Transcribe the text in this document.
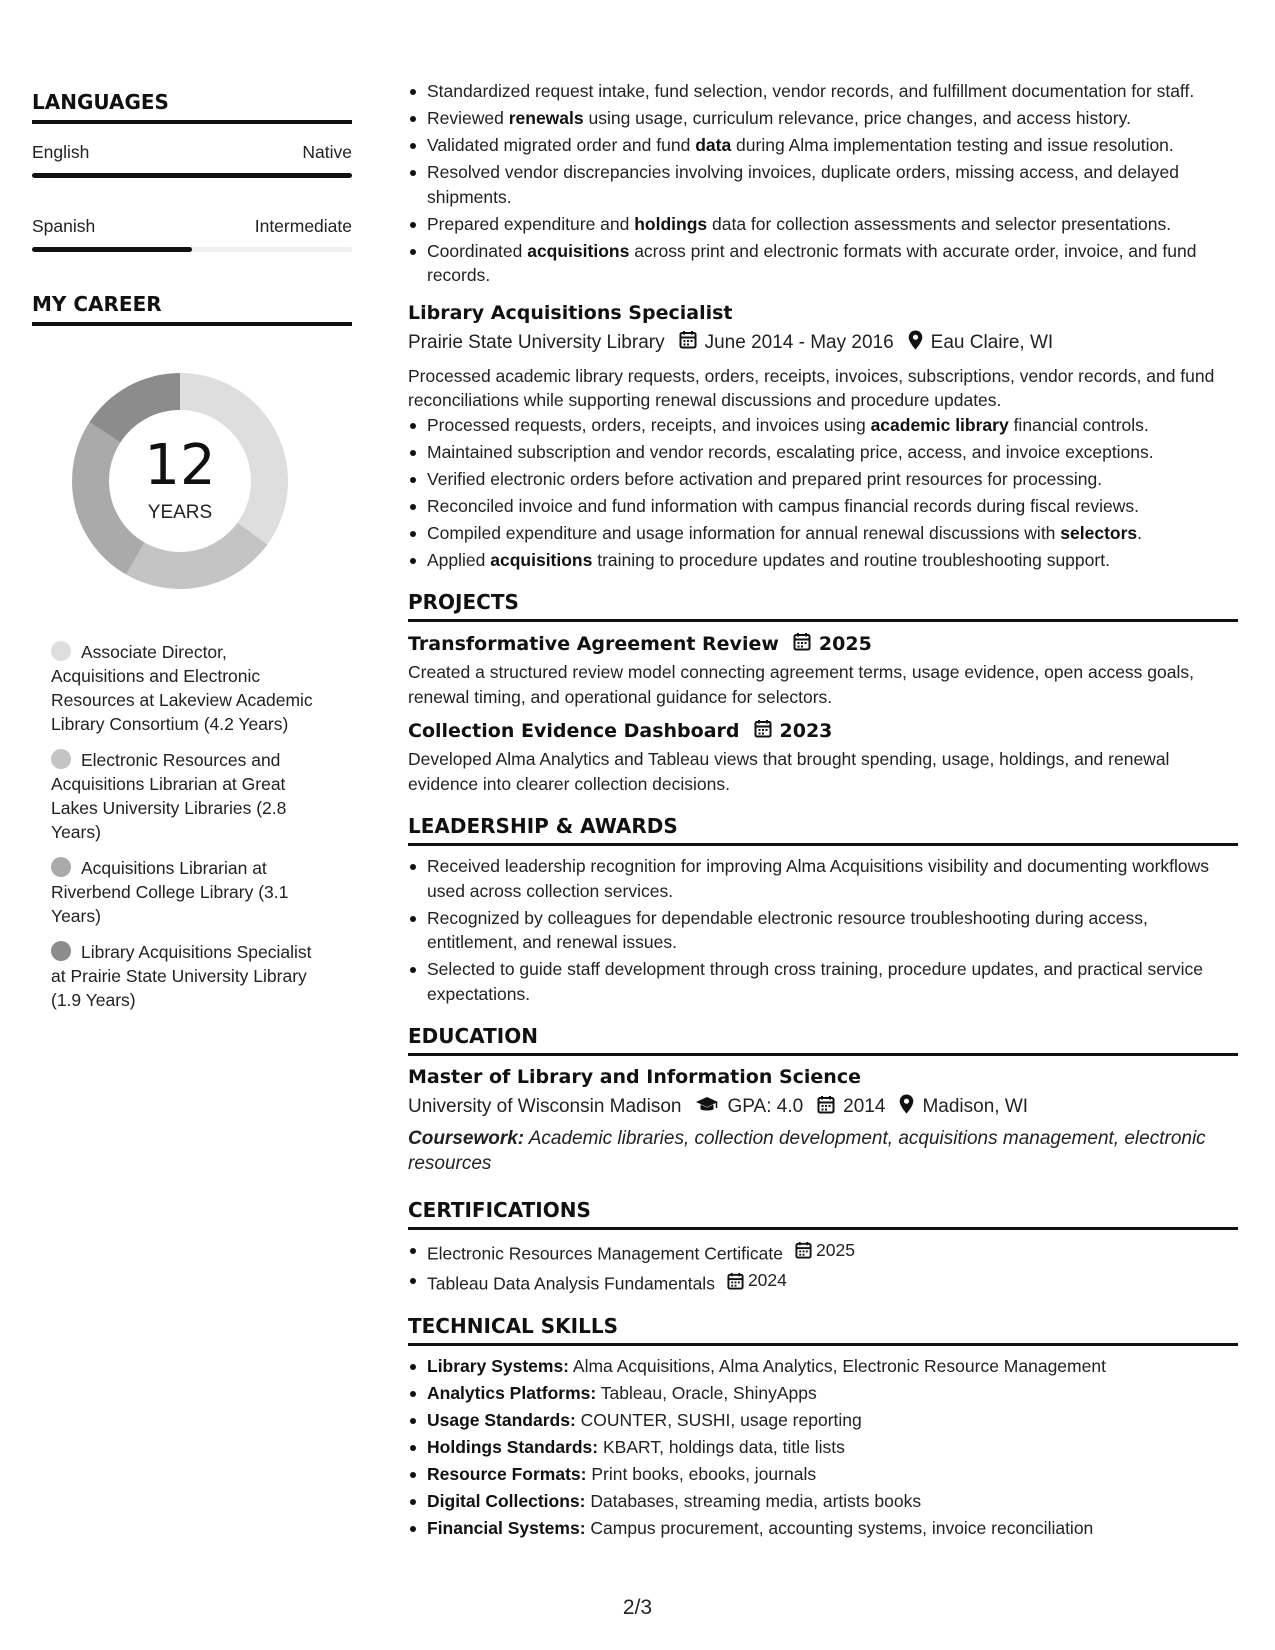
LANGUAGES
English	Native
Spanish	Intermediate
MY CAREER
12
YEARS
Associate Director, Acquisitions and Electronic Resources at Lakeview Academic Library Consortium (4.2 Years)
Electronic Resources and Acquisitions Librarian at Great Lakes University Libraries (2.8 Years)
Acquisitions Librarian at Riverbend College Library (3.1 Years)
Library Acquisitions Specialist at Prairie State University Library (1.9 Years)
Standardized request intake, fund selection, vendor records, and fulfillment documentation for staff.
Reviewed renewals using usage, curriculum relevance, price changes, and access history.
Validated migrated order and fund data during Alma implementation testing and issue resolution.
Resolved vendor discrepancies involving invoices, duplicate orders, missing access, and delayed shipments.
Prepared expenditure and holdings data for collection assessments and selector presentations.
Coordinated acquisitions across print and electronic formats with accurate order, invoice, and fund records.
Library Acquisitions Specialist
Prairie State University Library June 2014 - May 2016 Eau Claire, WI
Processed academic library requests, orders, receipts, invoices, subscriptions, vendor records, and fund reconciliations while supporting renewal discussions and procedure updates.
Processed requests, orders, receipts, and invoices using academic library financial controls.
Maintained subscription and vendor records, escalating price, access, and invoice exceptions.
Verified electronic orders before activation and prepared print resources for processing.
Reconciled invoice and fund information with campus financial records during fiscal reviews.
Compiled expenditure and usage information for annual renewal discussions with selectors.
Applied acquisitions training to procedure updates and routine troubleshooting support.
PROJECTS
Transformative Agreement Review 2025
Created a structured review model connecting agreement terms, usage evidence, open access goals, renewal timing, and operational guidance for selectors.
Collection Evidence Dashboard 2023
Developed Alma Analytics and Tableau views that brought spending, usage, holdings, and renewal evidence into clearer collection decisions.
LEADERSHIP & AWARDS
Received leadership recognition for improving Alma Acquisitions visibility and documenting workflows used across collection services.
Recognized by colleagues for dependable electronic resource troubleshooting during access, entitlement, and renewal issues.
Selected to guide staff development through cross training, procedure updates, and practical service expectations.
EDUCATION
Master of Library and Information Science
University of Wisconsin Madison GPA: 4.0 2014 Madison, WI
Coursework: Academic libraries, collection development, acquisitions management, electronic resources
CERTIFICATIONS
Electronic Resources Management Certificate 2025
Tableau Data Analysis Fundamentals 2024
TECHNICAL SKILLS
Library Systems: Alma Acquisitions, Alma Analytics, Electronic Resource Management
Analytics Platforms: Tableau, Oracle, ShinyApps
Usage Standards: COUNTER, SUSHI, usage reporting
Holdings Standards: KBART, holdings data, title lists
Resource Formats: Print books, ebooks, journals
Digital Collections: Databases, streaming media, artists books
Financial Systems: Campus procurement, accounting systems, invoice reconciliation
2/3
